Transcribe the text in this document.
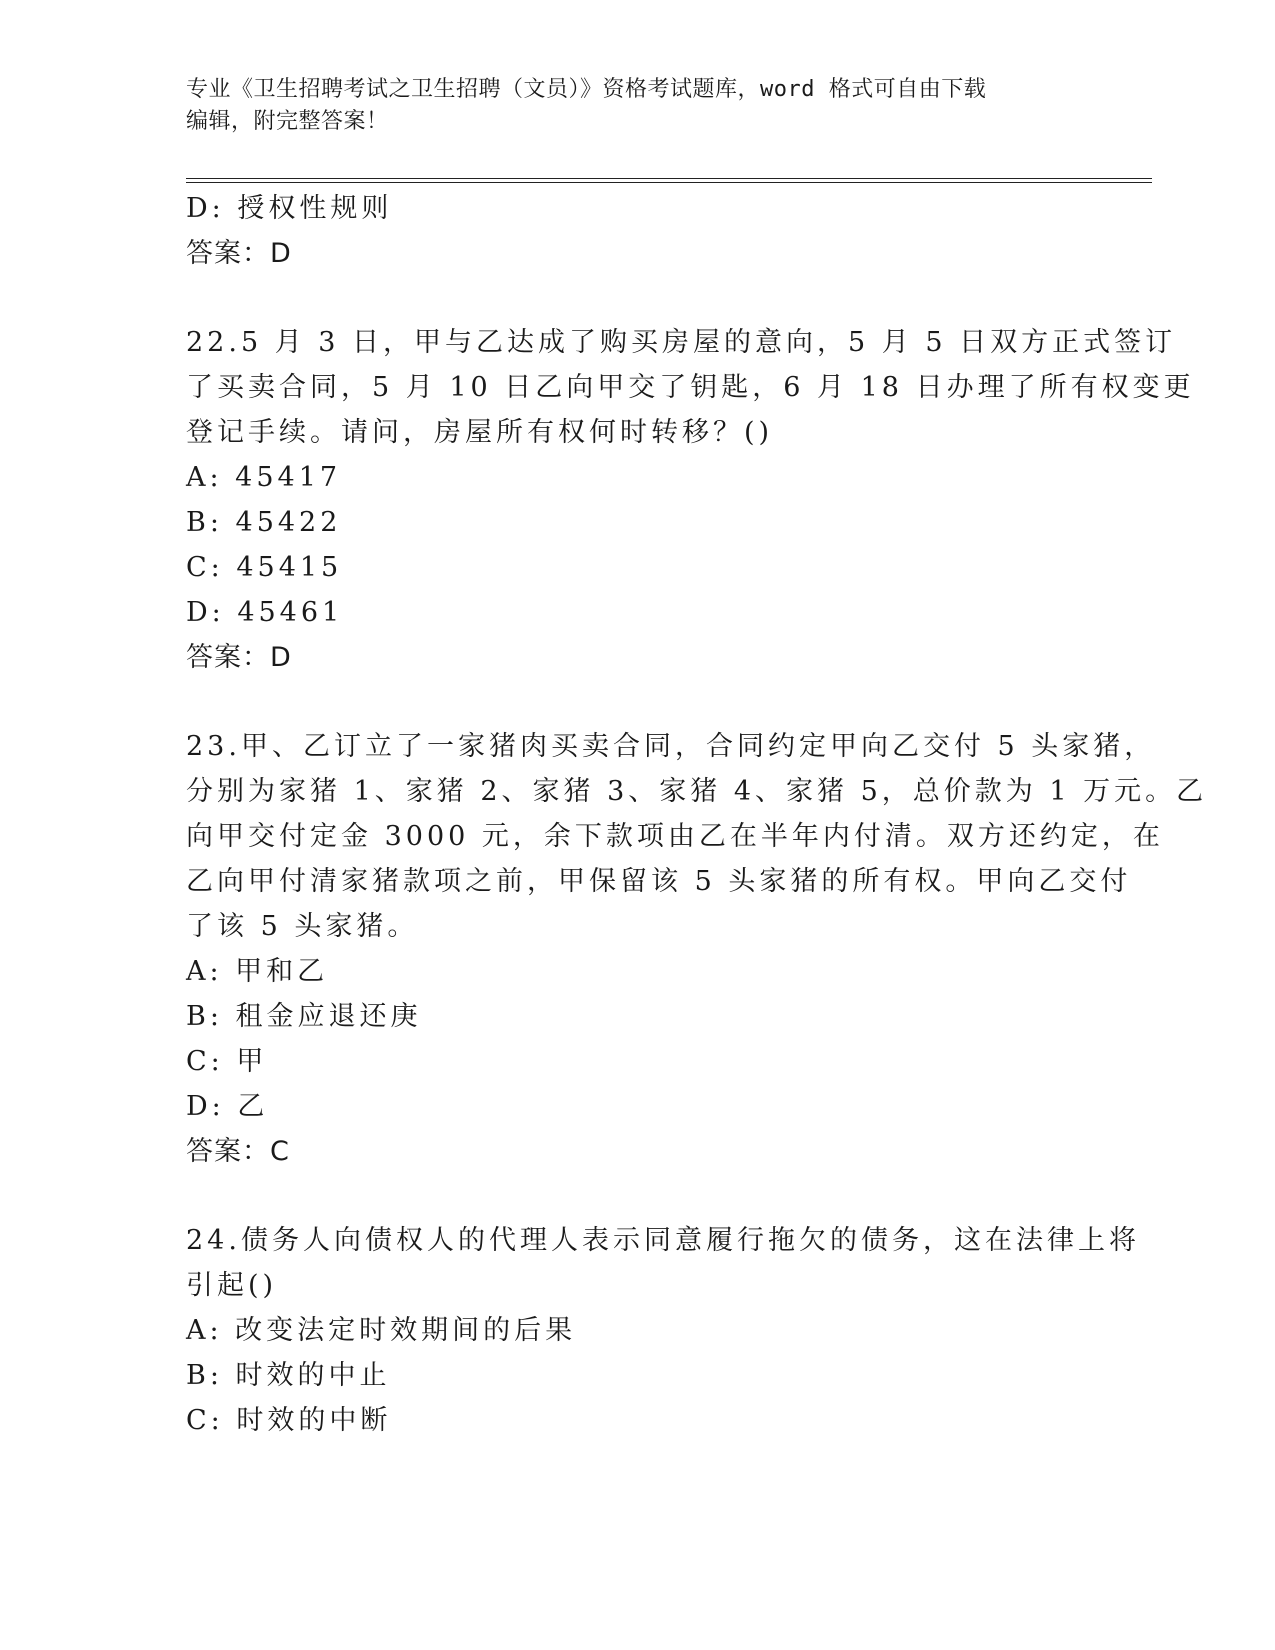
专业《卫生招聘考试之卫生招聘（文员）》资格考试题库，word 格式可自由下载
编辑，附完整答案！
D: 授权性规则
答案：D
22.5 月 3 日，甲与乙达成了购买房屋的意向，5 月 5 日双方正式签订
了买卖合同，5 月 10 日乙向甲交了钥匙，6 月 18 日办理了所有权变更
登记手续。请问，房屋所有权何时转移？()
A: 45417
B: 45422
C: 45415
D: 45461
答案：D
23.甲、乙订立了一家猪肉买卖合同，合同约定甲向乙交付 5 头家猪，
分别为家猪 1、家猪 2、家猪 3、家猪 4、家猪 5，总价款为 1 万元。乙
向甲交付定金 3000 元，余下款项由乙在半年内付清。双方还约定，在
乙向甲付清家猪款项之前，甲保留该 5 头家猪的所有权。甲向乙交付
了该 5 头家猪。
A: 甲和乙
B: 租金应退还庚
C: 甲
D: 乙
答案：C
24.债务人向债权人的代理人表示同意履行拖欠的债务，这在法律上将
引起()
A: 改变法定时效期间的后果
B: 时效的中止
C: 时效的中断
